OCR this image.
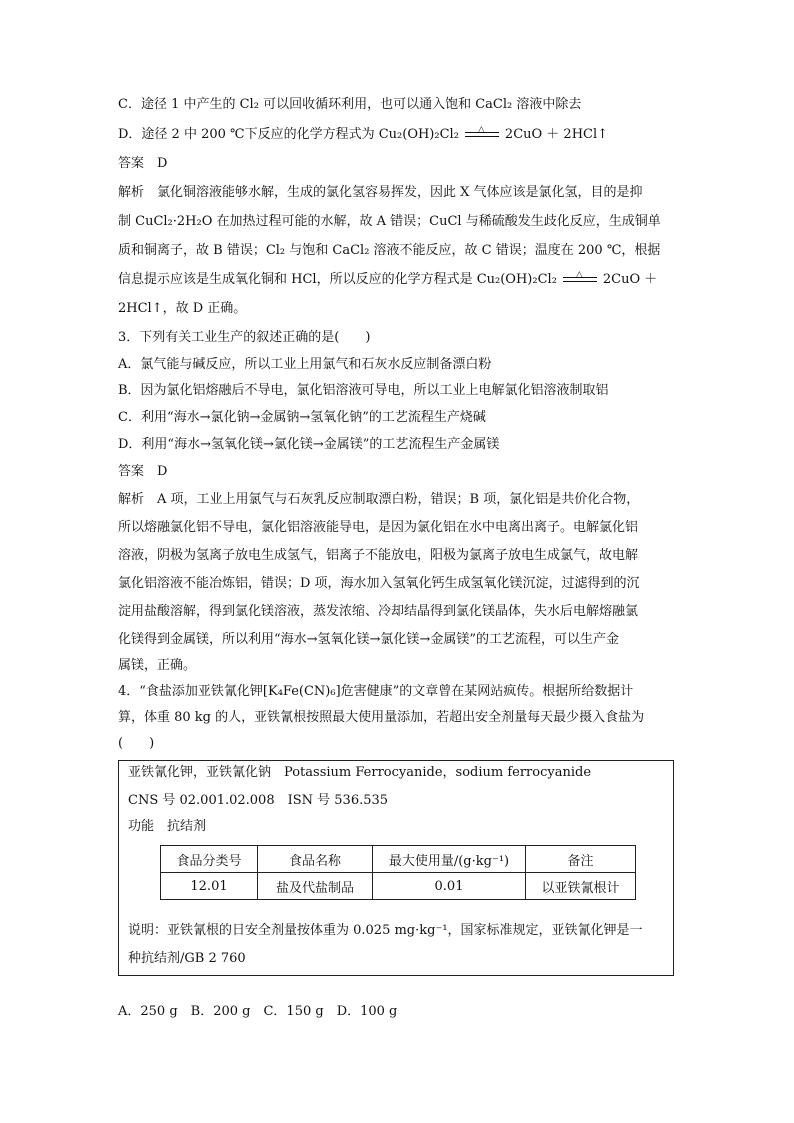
C．途径 1 中产生的 Cl₂ 可以回收循环利用，也可以通入饱和 CaCl₂ 溶液中除去
D．途径 2 中 200 ℃下反应的化学方程式为 Cu₂(OH)₂Cl₂ △ 2CuO ＋ 2HCl↑
答案　D
解析　氯化铜溶液能够水解，生成的氯化氢容易挥发，因此 X 气体应该是氯化氢，目的是抑
制 CuCl₂·2H₂O 在加热过程可能的水解，故 A 错误；CuCl 与稀硫酸发生歧化反应，生成铜单
质和铜离子，故 B 错误；Cl₂ 与饱和 CaCl₂ 溶液不能反应，故 C 错误；温度在 200 ℃，根据
信息提示应该是生成氧化铜和 HCl，所以反应的化学方程式是 Cu₂(OH)₂Cl₂ △ 2CuO ＋
2HCl↑，故 D 正确。
3．下列有关工业生产的叙述正确的是(　　)
A．氯气能与碱反应，所以工业上用氯气和石灰水反应制备漂白粉
B．因为氯化铝熔融后不导电，氯化铝溶液可导电，所以工业上电解氯化铝溶液制取铝
C．利用“海水→氯化钠→金属钠→氢氧化钠”的工艺流程生产烧碱
D．利用“海水→氢氧化镁→氯化镁→金属镁”的工艺流程生产金属镁
答案　D
解析　A 项，工业上用氯气与石灰乳反应制取漂白粉，错误；B 项，氯化铝是共价化合物，
所以熔融氯化铝不导电，氯化铝溶液能导电，是因为氯化铝在水中电离出离子。电解氯化铝
溶液，阴极为氢离子放电生成氢气，铝离子不能放电，阳极为氯离子放电生成氯气，故电解
氯化铝溶液不能冶炼铝，错误；D 项，海水加入氢氧化钙生成氢氧化镁沉淀，过滤得到的沉
淀用盐酸溶解，得到氯化镁溶液，蒸发浓缩、冷却结晶得到氯化镁晶体，失水后电解熔融氯
化镁得到金属镁，所以利用“海水→氢氧化镁→氯化镁→金属镁”的工艺流程，可以生产金
属镁，正确。
4．“食盐添加亚铁氰化钾[K₄Fe(CN)₆]危害健康”的文章曾在某网站疯传。根据所给数据计
算，体重 80 kg 的人，亚铁氰根按照最大使用量添加，若超出安全剂量每天最少摄入食盐为
(　　)
亚铁氰化钾，亚铁氰化钠　Potassium Ferrocyanide，sodium ferrocyanide
CNS 号 02.001.02.008　ISN 号 536.535
功能　抗结剂
食品分类号	食品名称	最大使用量/(g·kg⁻¹)	备注
12.01	盐及代盐制品	0.01	以亚铁氰根计
说明：亚铁氰根的日安全剂量按体重为 0.025 mg·kg⁻¹，国家标准规定，亚铁氰化钾是一
种抗结剂/GB 2 760
A．250 g　B．200 g　C．150 g　D．100 g
